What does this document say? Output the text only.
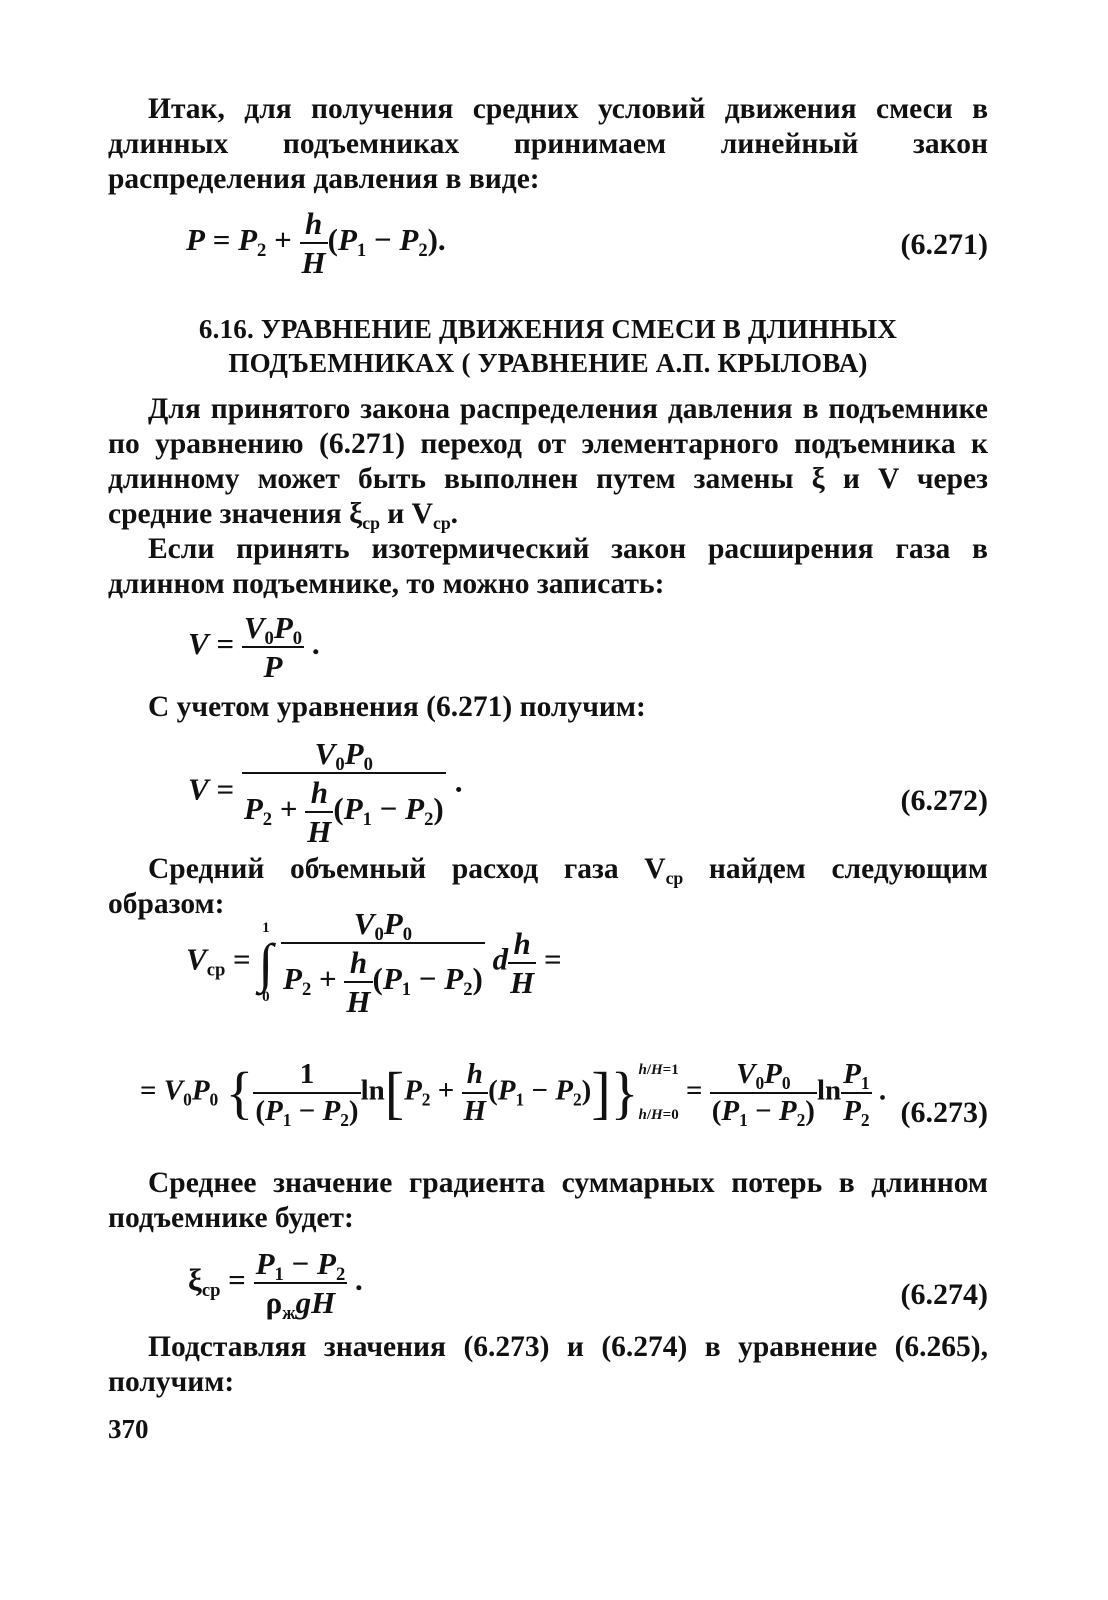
Итак, для получения средних условий движения смеси в длинных подъемниках принимаем линейный закон распределения давления в виде:

$P = P_2 + \frac{h}{H} (P_1 - P_2)$.	(6.271)
6.16. УРАВНЕНИЕ ДВИЖЕНИЯ СМЕСИ В ДЛИННЫХ
ПОДЪЕМНИКАХ ( УРАВНЕНИЕ А.П. КРЫЛОВА)

Для принятого закона распределения давления в подъемнике по уравнению (6.271) переход от элементарного подъемника к длинному может быть выполнен путем замены ξ и V через средние значения $\xi_{ср}$ и $V_{ср}$.

Если принять изотермический закон расширения газа в длинном подъемнике, то можно записать:

$V = \frac{V_0P_0}{P}$ .

С учетом уравнения (6.271) получим:

$V = \frac{V_0P_0}{P_2 + \frac{h}{H} (P_1 - P_2)}$ ·	(6.272)

Средний объемный расход газа $V_{ср}$ найдем следующим образом:

$V_{ср} = 1$
∫
$0 \frac{V_0P_0}{P_2 + \frac{h}{H} (P_1 - P_2)}$ d $\frac{h}{H}$ =
= $V_0P_0$ { $\frac{1}{(P_1 - P_2)} \ln[P_2 + \frac{h}{H} (P_1 - P_2)]\}h/H=1$

$h/H=0 = \frac{V_0P_0}{(P_1 - P_2)}$ $\ln \frac{P_1}{P_2}$ .
(6.273)

Среднее значение градиента суммарных потерь в длинном подъемнике будет:

$\xi_{ср} = \frac{P_1 - P_2}{\rho_жgH}$ .	(6.274)

Подставляя значения (6.273) и (6.274) в уравнение (6.265), получим:

370
